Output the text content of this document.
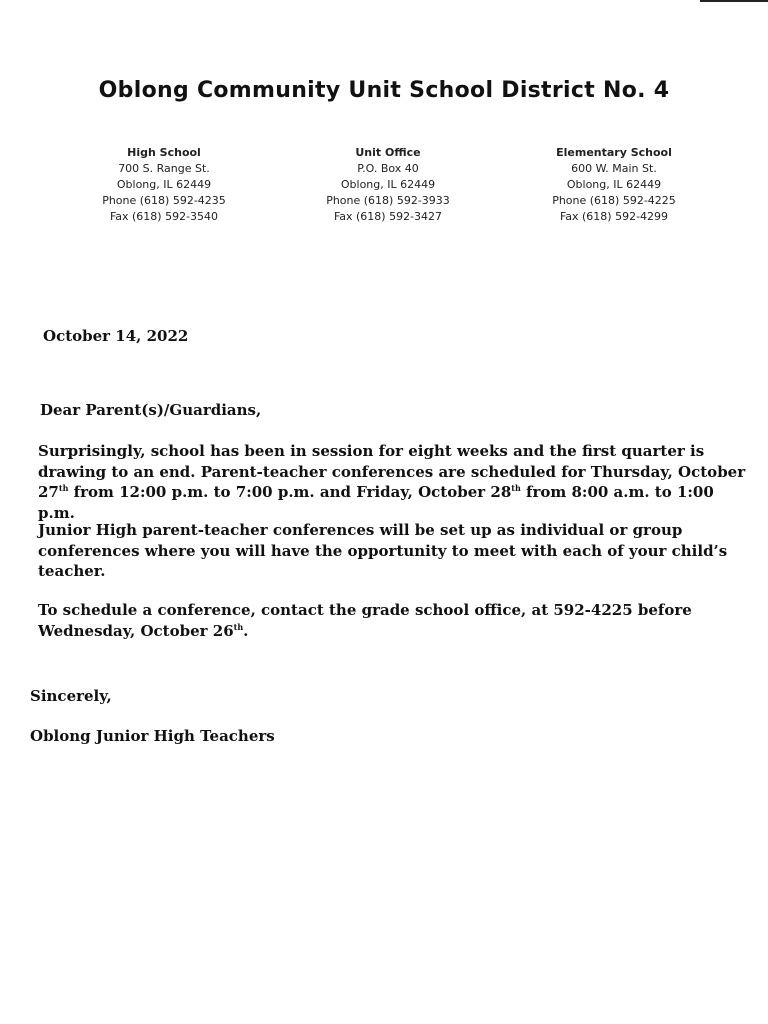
Oblong Community Unit School District No. 4
High School
700 S. Range St.
Oblong, IL 62449
Phone (618) 592-4235
Fax (618) 592-3540
Unit Office
P.O. Box 40
Oblong, IL 62449
Phone (618) 592-3933
Fax (618) 592-3427
Elementary School
600 W. Main St.
Oblong, IL 62449
Phone (618) 592-4225
Fax (618) 592-4299
October 14, 2022
Dear Parent(s)/Guardians,

Surprisingly, school has been in session for eight weeks and the first quarter is drawing to an end. Parent-teacher conferences are scheduled for Thursday, October 27th from 12:00 p.m. to 7:00 p.m. and Friday, October 28th from 8:00 a.m. to 1:00 p.m.

Junior High parent-teacher conferences will be set up as individual or group conferences where you will have the opportunity to meet with each of your child’s teacher.

To schedule a conference, contact the grade school office, at 592-4225 before Wednesday, October 26th.

Sincerely,
Oblong Junior High Teachers
